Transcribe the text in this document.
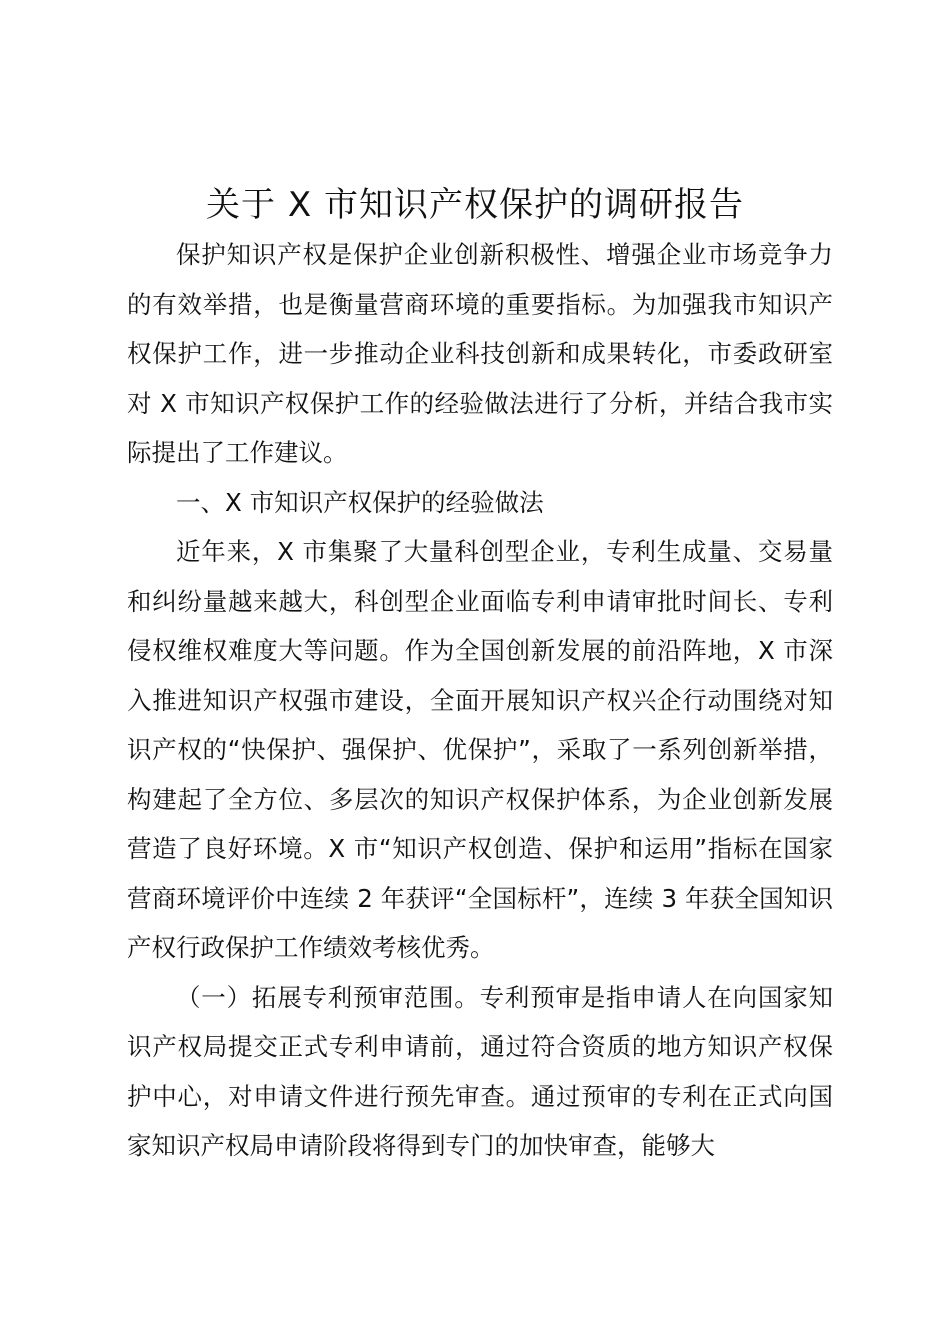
关于 X 市知识产权保护的调研报告

保护知识产权是保护企业创新积极性、增强企业市场竞争力的有效举措，也是衡量营商环境的重要指标。为加强我市知识产权保护工作，进一步推动企业科技创新和成果转化，市委政研室对 X 市知识产权保护工作的经验做法进行了分析，并结合我市实际提出了工作建议。

一、X 市知识产权保护的经验做法

近年来，X 市集聚了大量科创型企业，专利生成量、交易量和纠纷量越来越大，科创型企业面临专利申请审批时间长、专利侵权维权难度大等问题。作为全国创新发展的前沿阵地，X 市深入推进知识产权强市建设，全面开展知识产权兴企行动围绕对知识产权的“快保护、强保护、优保护”，采取了一系列创新举措，构建起了全方位、多层次的知识产权保护体系，为企业创新发展营造了良好环境。X 市“知识产权创造、保护和运用”指标在国家营商环境评价中连续 2 年获评“全国标杆”，连续 3 年获全国知识产权行政保护工作绩效考核优秀。

（一）拓展专利预审范围。专利预审是指申请人在向国家知识产权局提交正式专利申请前，通过符合资质的地方知识产权保护中心，对申请文件进行预先审查。通过预审的专利在正式向国家知识产权局申请阶段将得到专门的加快审查，能够大
